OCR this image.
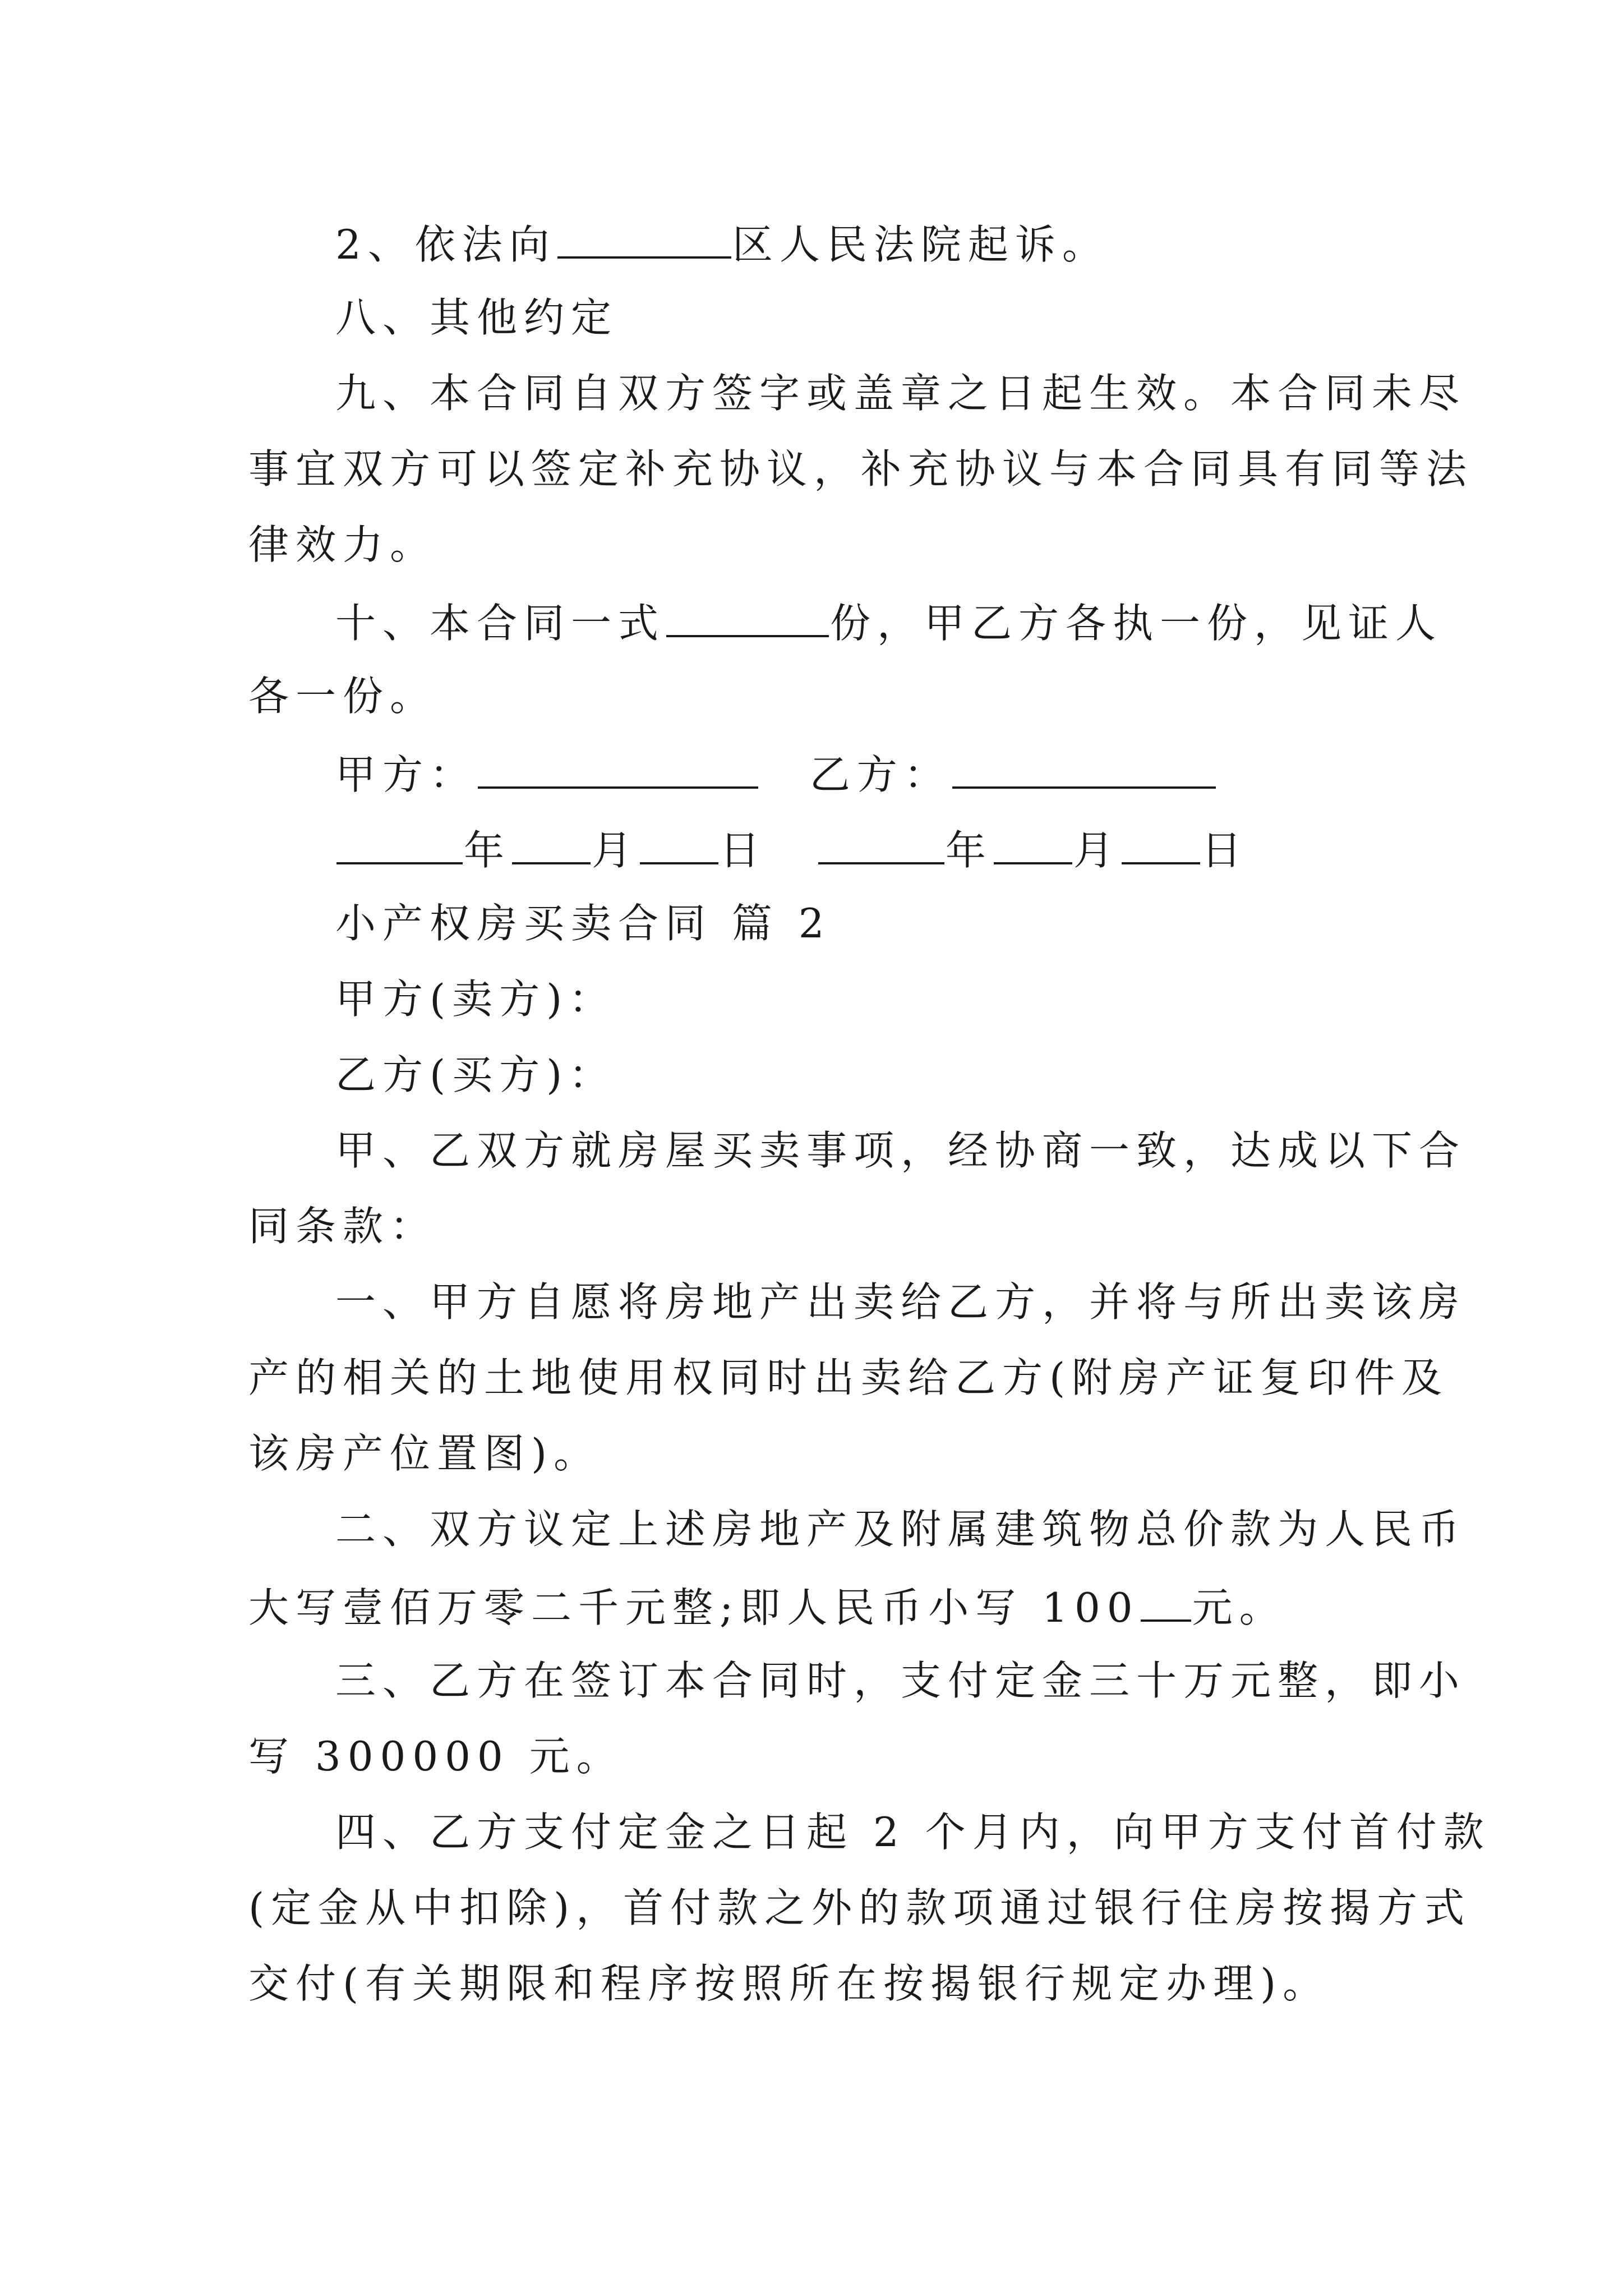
2、依法向	区人民法院起诉。
八、其他约定
九、本合同自双方签字或盖章之日起生效。本合同未尽
事宜双方可以签定补充协议，补充协议与本合同具有同等法
律效力。
十、本合同一式	份，甲乙方各执一份，见证人
各一份。
甲方：	乙方：
年 月 日	年 月 日
小产权房买卖合同 篇 2
甲方(卖方)：
乙方(买方)：
甲、乙双方就房屋买卖事项，经协商一致，达成以下合
同条款：
一、甲方自愿将房地产出卖给乙方，并将与所出卖该房
产的相关的土地使用权同时出卖给乙方(附房产证复印件及
该房产位置图)。
二、双方议定上述房地产及附属建筑物总价款为人民币
大写壹佰万零二千元整;即人民币小写 100 元。
三、乙方在签订本合同时，支付定金三十万元整，即小
写 300000 元。
四、乙方支付定金之日起 2 个月内，向甲方支付首付款
(定金从中扣除)，首付款之外的款项通过银行住房按揭方式
交付(有关期限和程序按照所在按揭银行规定办理)。
